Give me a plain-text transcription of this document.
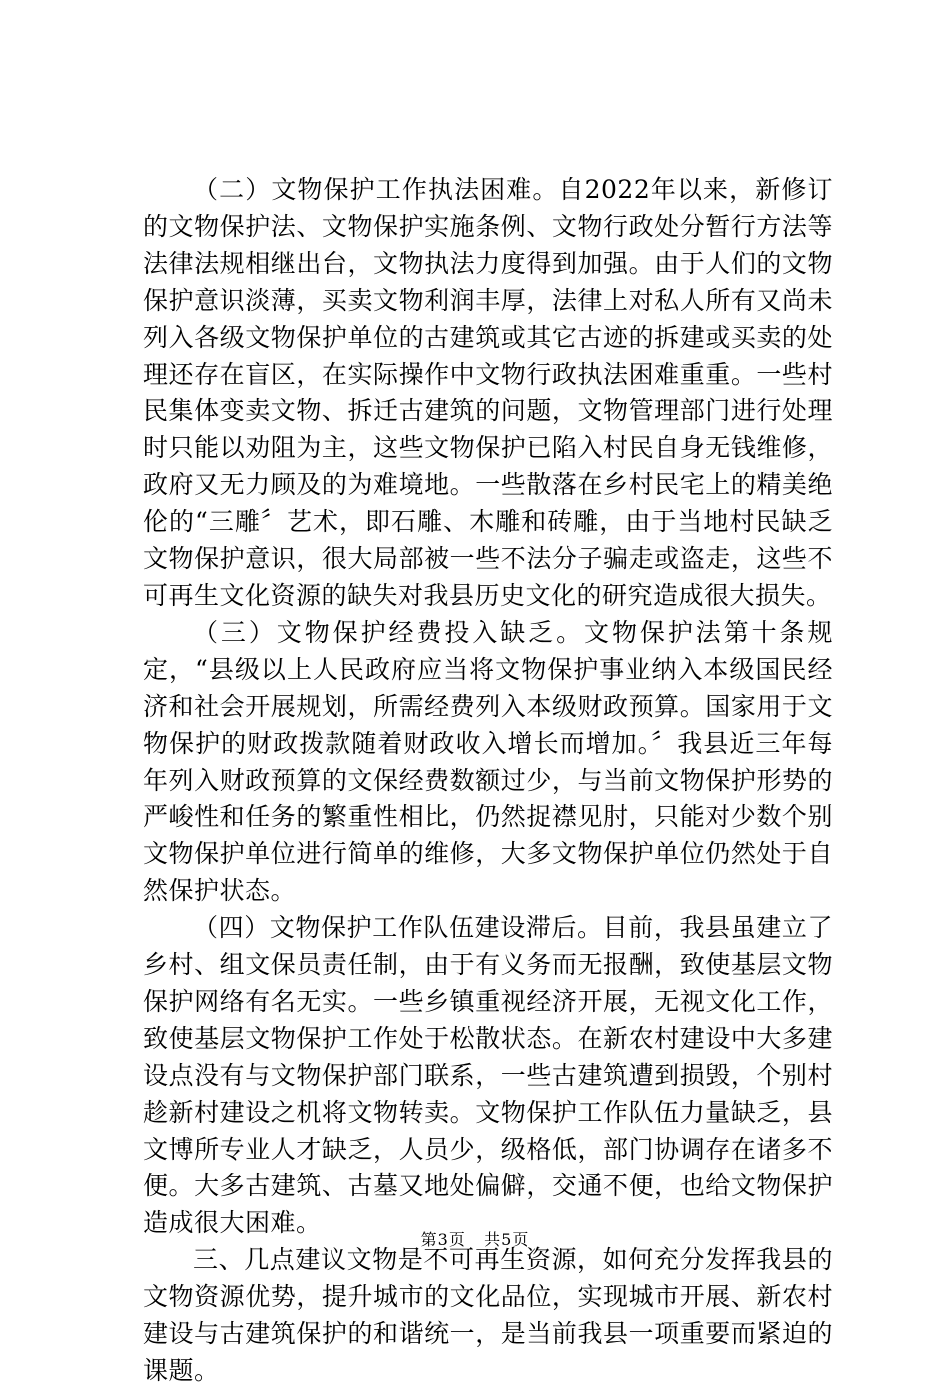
（二）文物保护工作执法困难。自2022年以来，新修订的文物保护法、文物保护实施条例、文物行政处分暂行方法等法律法规相继出台，文物执法力度得到加强。由于人们的文物保护意识淡薄，买卖文物利润丰厚，法律上对私人所有又尚未列入各级文物保护单位的古建筑或其它古迹的拆建或买卖的处理还存在盲区，在实际操作中文物行政执法困难重重。一些村民集体变卖文物、拆迁古建筑的问题，文物管理部门进行处理时只能以劝阻为主，这些文物保护已陷入村民自身无钱维修，政府又无力顾及的为难境地。一些散落在乡村民宅上的精美绝伦的“三雕〞艺术，即石雕、木雕和砖雕，由于当地村民缺乏文物保护意识，很大局部被一些不法分子骗走或盗走，这些不可再生文化资源的缺失对我县历史文化的研究造成很大损失。

（三）文物保护经费投入缺乏。文物保护法第十条规定，“县级以上人民政府应当将文物保护事业纳入本级国民经济和社会开展规划，所需经费列入本级财政预算。国家用于文物保护的财政拨款随着财政收入增长而增加。〞我县近三年每年列入财政预算的文保经费数额过少，与当前文物保护形势的严峻性和任务的繁重性相比，仍然捉襟见肘，只能对少数个别文物保护单位进行简单的维修，大多文物保护单位仍然处于自然保护状态。

（四）文物保护工作队伍建设滞后。目前，我县虽建立了乡村、组文保员责任制，由于有义务而无报酬，致使基层文物保护网络有名无实。一些乡镇重视经济开展，无视文化工作，致使基层文物保护工作处于松散状态。在新农村建设中大多建设点没有与文物保护部门联系，一些古建筑遭到损毁，个别村趁新村建设之机将文物转卖。文物保护工作队伍力量缺乏，县文博所专业人才缺乏，人员少，级格低，部门协调存在诸多不便。大多古建筑、古墓又地处偏僻，交通不便，也给文物保护造成很大困难。

三、几点建议文物是不可再生资源，如何充分发挥我县的文物资源优势，提升城市的文化品位，实现城市开展、新农村建设与古建筑保护的和谐统一，是当前我县一项重要而紧迫的课题。

第3页 共5页
